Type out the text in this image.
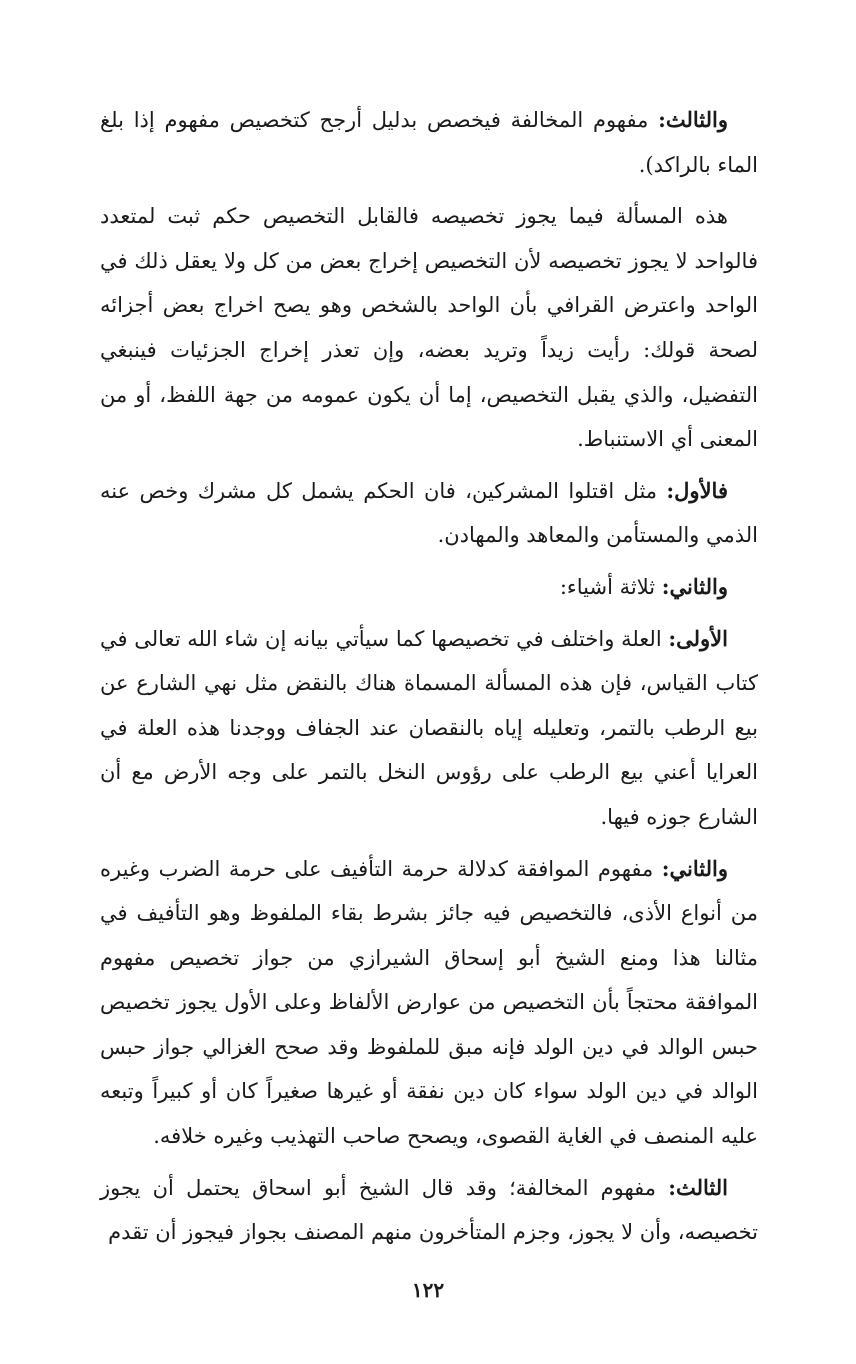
والثالث: مفهوم المخالفة فيخصص بدليل أرجح كتخصيص مفهوم إذا بلغ الماء بالراكد).

هذه المسألة فيما يجوز تخصيصه فالقابل التخصيص حكم ثبت لمتعدد فالواحد لا يجوز تخصيصه لأن التخصيص إخراج بعض من كل ولا يعقل ذلك في الواحد واعترض القرافي بأن الواحد بالشخص وهو يصح اخراج بعض أجزائه لصحة قولك: رأيت زيداً وتريد بعضه، وإن تعذر إخراج الجزئيات فينبغي التفضيل، والذي يقبل التخصيص، إما أن يكون عمومه من جهة اللفظ، أو من المعنى أي الاستنباط.

فالأول: مثل اقتلوا المشركين، فان الحكم يشمل كل مشرك وخص عنه الذمي والمستأمن والمعاهد والمهادن.

والثاني: ثلاثة أشياء:

الأولى: العلة واختلف في تخصيصها كما سيأتي بيانه إن شاء الله تعالى في كتاب القياس، فإن هذه المسألة المسماة هناك بالنقض مثل نهي الشارع عن بيع الرطب بالتمر، وتعليله إياه بالنقصان عند الجفاف ووجدنا هذه العلة في العرايا أعني بيع الرطب على رؤوس النخل بالتمر على وجه الأرض مع أن الشارع جوزه فيها.

والثاني: مفهوم الموافقة كدلالة حرمة التأفيف على حرمة الضرب وغيره من أنواع الأذى، فالتخصيص فيه جائز بشرط بقاء الملفوظ وهو التأفيف في مثالنا هذا ومنع الشيخ أبو إسحاق الشيرازي من جواز تخصيص مفهوم الموافقة محتجاً بأن التخصيص من عوارض الألفاظ وعلى الأول يجوز تخصيص حبس الوالد في دين الولد فإنه مبق للملفوظ وقد صحح الغزالي جواز حبس الوالد في دين الولد سواء كان دين نفقة أو غيرها صغيراً كان أو كبيراً وتبعه عليه المنصف في الغاية القصوى، ويصحح صاحب التهذيب وغيره خلافه.

الثالث: مفهوم المخالفة؛ وقد قال الشيخ أبو اسحاق يحتمل أن يجوز تخصيصه، وأن لا يجوز، وجزم المتأخرون منهم المصنف بجواز فيجوز أن تقدم

١٢٢
